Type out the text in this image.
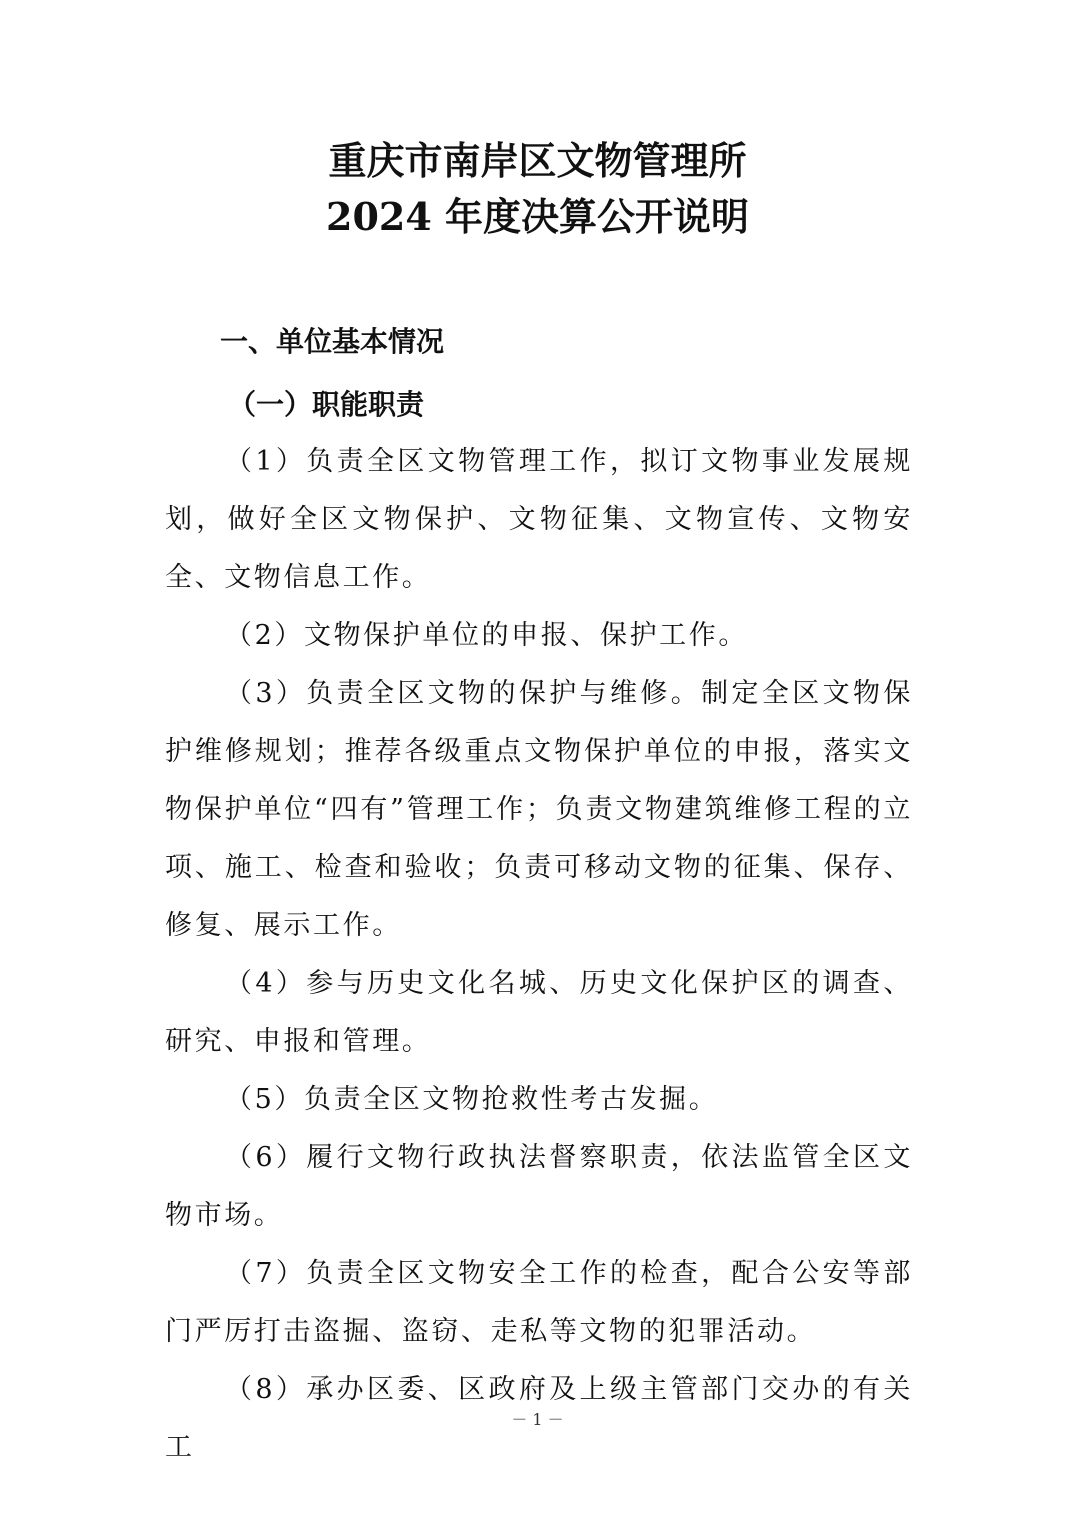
重庆市南岸区文物管理所
2024 年度决算公开说明
一、单位基本情况
（一）职能职责

（1）负责全区文物管理工作，拟订文物事业发展规划，做好全区文物保护、文物征集、文物宣传、文物安全、文物信息工作。

（2）文物保护单位的申报、保护工作。

（3）负责全区文物的保护与维修。制定全区文物保护维修规划；推荐各级重点文物保护单位的申报，落实文物保护单位“四有”管理工作；负责文物建筑维修工程的立项、施工、检查和验收；负责可移动文物的征集、保存、修复、展示工作。

（4）参与历史文化名城、历史文化保护区的调查、研究、申报和管理。

（5）负责全区文物抢救性考古发掘。

（6）履行文物行政执法督察职责，依法监管全区文物市场。

（7）负责全区文物安全工作的检查，配合公安等部门严厉打击盗掘、盗窃、走私等文物的犯罪活动。

（8）承办区委、区政府及上级主管部门交办的有关工

－ 1 －
